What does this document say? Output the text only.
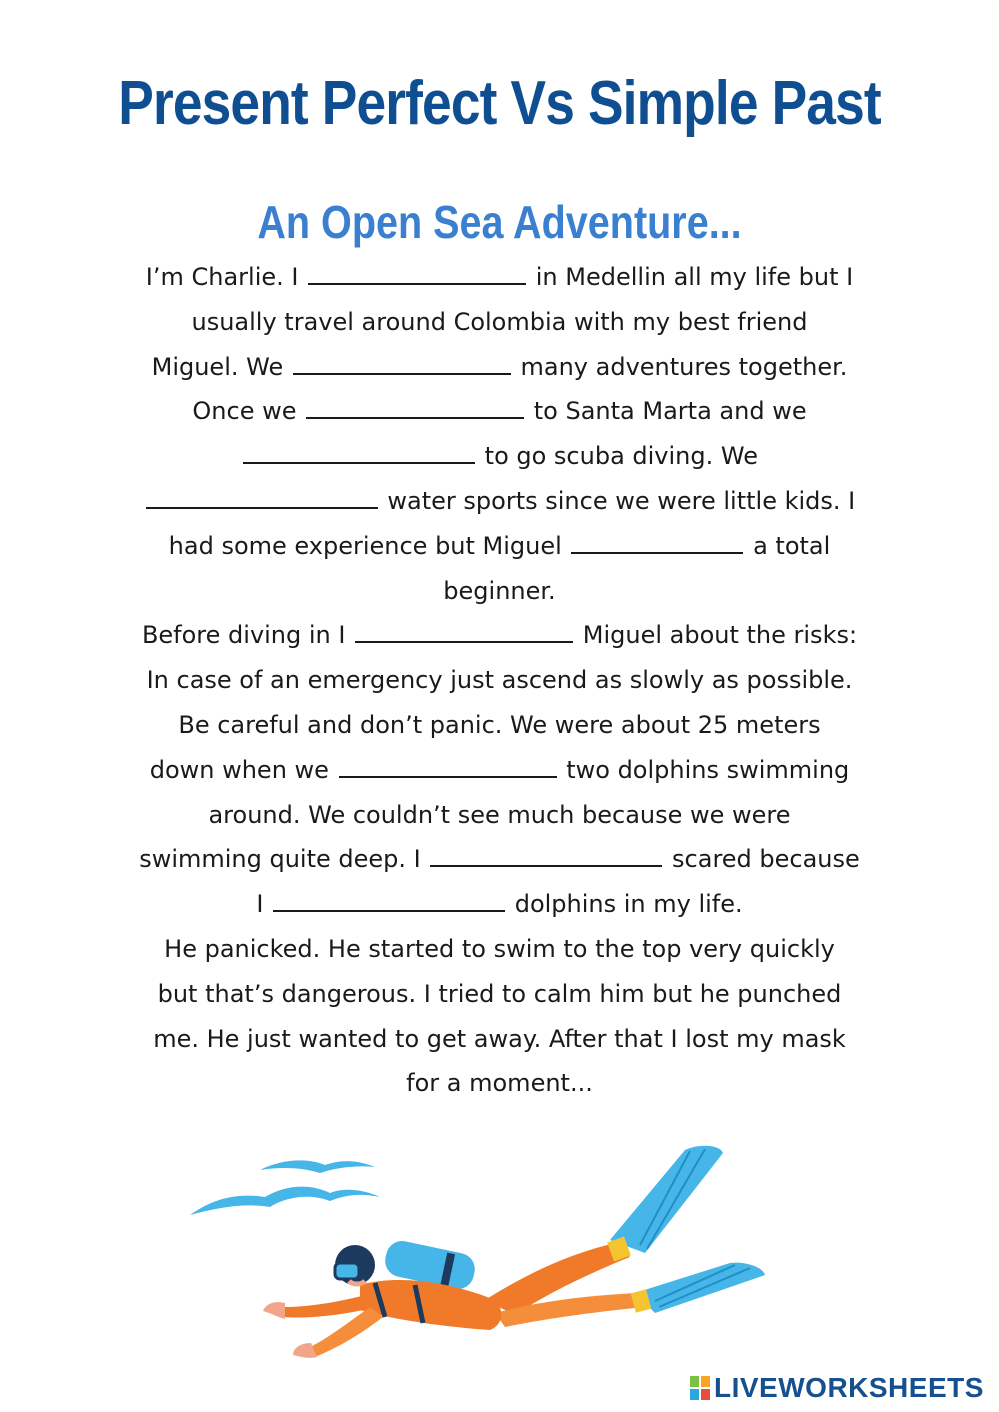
Present Perfect Vs Simple Past
An Open Sea Adventure...
I’m Charlie. I	in Medellin all my life but I
usually travel around Colombia with my best friend
Miguel. We	many adventures together.
Once we	to Santa Marta and we
to go scuba diving. We
water sports since we were little kids. I
had some experience but Miguel	a total
beginner.
Before diving in I	Miguel about the risks:
In case of an emergency just ascend as slowly as possible.
Be careful and don’t panic. We were about 25 meters
down when we	two dolphins swimming
around. We couldn’t see much because we were
swimming quite deep. I	scared because
I	dolphins in my life.
He panicked. He started to swim to the top very quickly
but that’s dangerous. I tried to calm him but he punched
me. He just wanted to get away. After that I lost my mask
for a moment...
LIVEWORKSHEETS
